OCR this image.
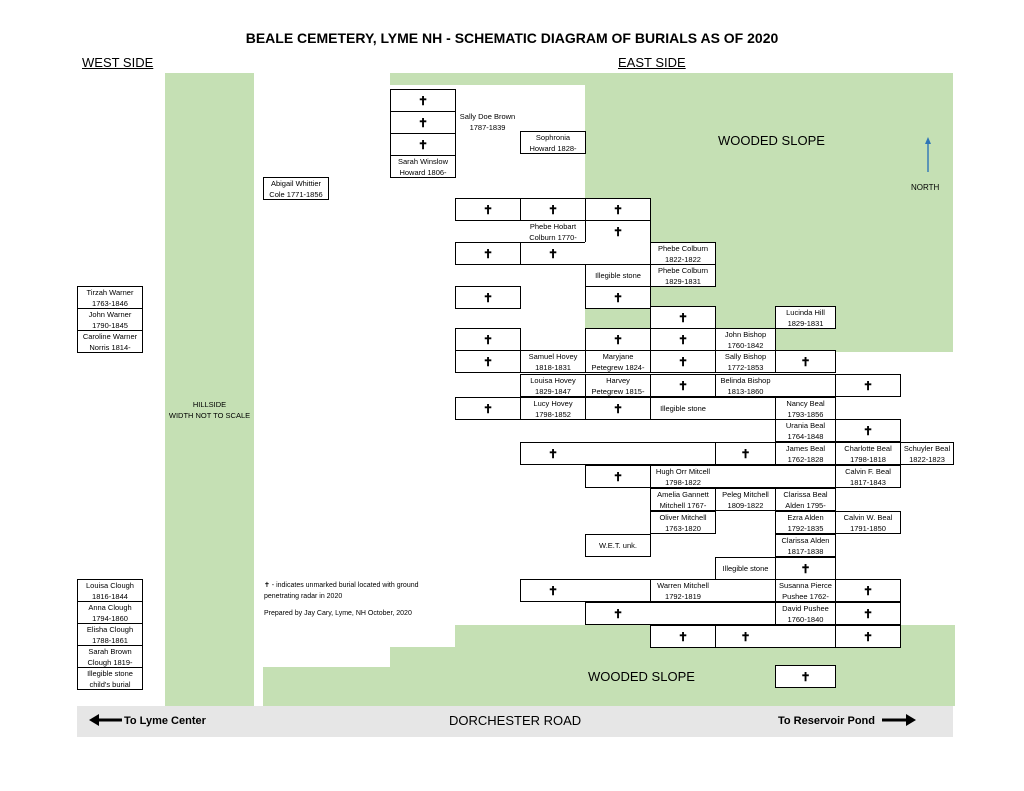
BEALE CEMETERY, LYME NH - SCHEMATIC DIAGRAM OF BURIALS AS OF 2020
WEST SIDE	EAST SIDE
WOODED SLOPE
WOODED SLOPE
NORTH
HILLSIDE
WIDTH NOT TO SCALE
To Lyme Center	DORCHESTER ROAD	To Reservoir Pond
✝ - indicates unmarked burial located with ground
penetrating radar in 2020
Prepared by Jay Cary, Lyme, NH October, 2020
Tirzah Warner
1763-1846
John Warner
1790-1845
Caroline Warner
Norris 1814-
Louisa Clough
1816-1844
Anna Clough
1794-1860
Elisha Clough
1788-1861
Sarah Brown
Clough 1819-
Illegible stone
child's burial
Abigail Whittier
Cole 1771-1856
✝
✝	Sally Doe Brown
1787-1839
✝
Sophronia
Howard 1828-
Sarah Winslow
Howard 1806-
✝	✝	✝
Phebe Hobart
Colburn 1770-	✝
✝	✝	Phebe Colburn
1822-1822
Illegible stone
Phebe Colburn
1829-1831
✝	✝
✝	Lucinda Hill
1829-1831
✝	✝	✝	John Bishop
1760-1842
✝	Samuel Hovey
1818-1831
Maryjane
Petegrew 1824-	✝	Sally Bishop
1772-1853	✝
Louisa Hovey
1829-1847
Harvey
Petegrew 1815-	✝	Belinda Bishop
1813-1860	✝
✝	Lucy Hovey
1798-1852	✝	Illegible stone
Nancy Beal
1793-1856
Urania Beal
1764-1848	✝
✝	✝	James Beal
1762-1828
Charlotte Beal
1798-1818
Schuyler Beal
1822-1823
✝	Hugh Orr Mitcell
1798-1822
Calvin F. Beal
1817-1843
Amelia Gannett
Mitchell 1767-
Peleg Mitchell
1809-1822
Clarissa Beal
Alden 1795-
Oliver Mitchell
1763-1820
Ezra Alden
1792-1835
Calvin W. Beal
1791-1850
W.E.T. unk.
Clarissa Alden
1817-1838
Illegible stone	✝
✝	Warren Mitchell
1792-1819
Susanna Pierce
Pushee 1762-	✝
✝	David Pushee
1760-1840	✝
✝	✝	✝
✝
